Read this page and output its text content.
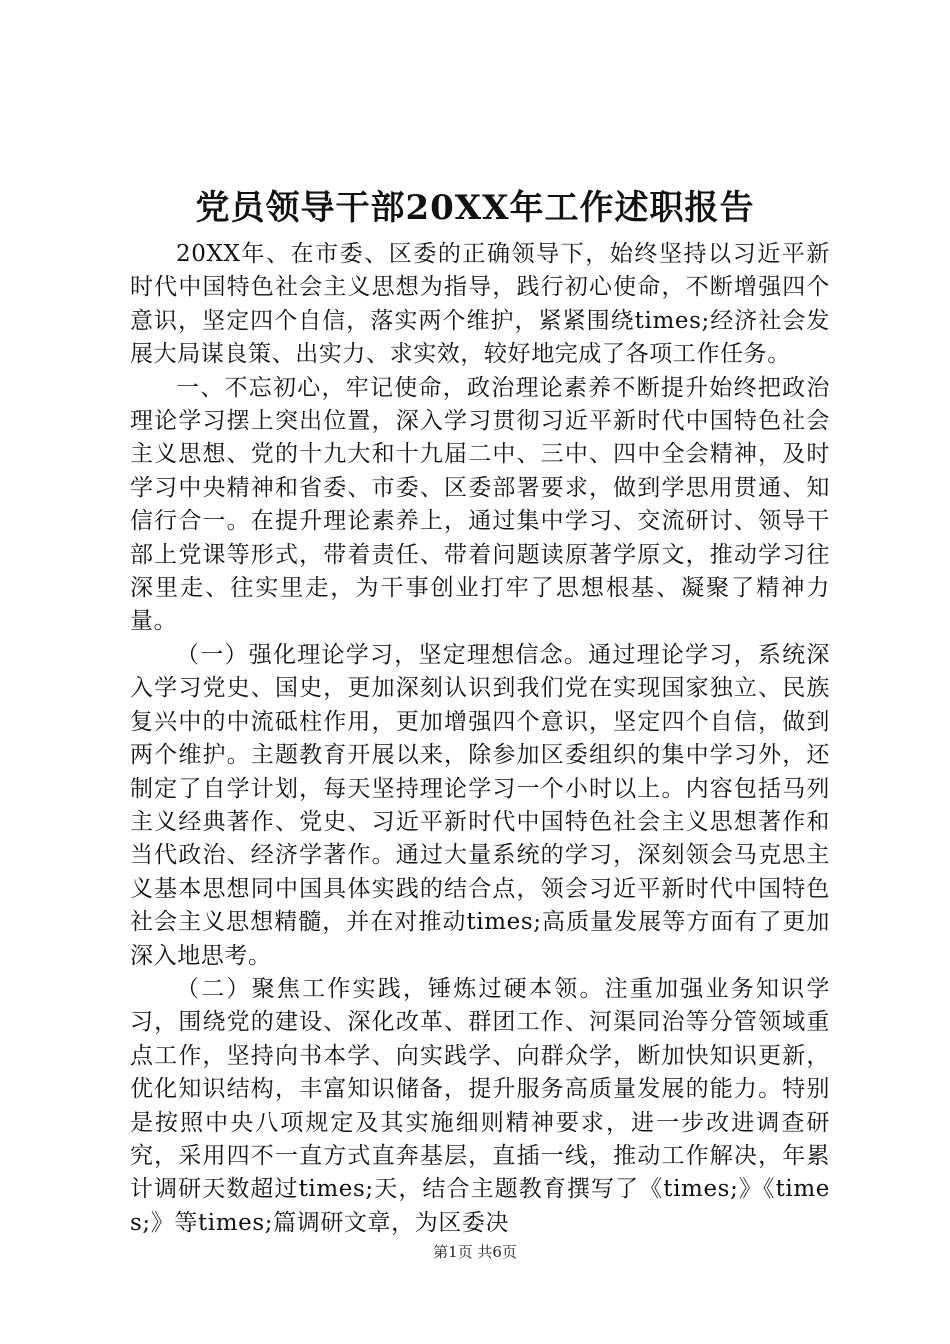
党员领导干部20XX年工作述职报告

20XX年、在市委、区委的正确领导下，始终坚持以习近平新时代中国特色社会主义思想为指导，践行初心使命，不断增强四个意识，坚定四个自信，落实两个维护，紧紧围绕times;经济社会发展大局谋良策、出实力、求实效，较好地完成了各项工作任务。

一、不忘初心，牢记使命，政治理论素养不断提升始终把政治理论学习摆上突出位置，深入学习贯彻习近平新时代中国特色社会主义思想、党的十九大和十九届二中、三中、四中全会精神，及时学习中央精神和省委、市委、区委部署要求，做到学思用贯通、知信行合一。在提升理论素养上，通过集中学习、交流研讨、领导干部上党课等形式，带着责任、带着问题读原著学原文，推动学习往深里走、往实里走，为干事创业打牢了思想根基、凝聚了精神力量。

（一）强化理论学习，坚定理想信念。通过理论学习，系统深入学习党史、国史，更加深刻认识到我们党在实现国家独立、民族复兴中的中流砥柱作用，更加增强四个意识，坚定四个自信，做到两个维护。主题教育开展以来，除参加区委组织的集中学习外，还制定了自学计划，每天坚持理论学习一个小时以上。内容包括马列主义经典著作、党史、习近平新时代中国特色社会主义思想著作和当代政治、经济学著作。通过大量系统的学习，深刻领会马克思主义基本思想同中国具体实践的结合点，领会习近平新时代中国特色社会主义思想精髓，并在对推动times;高质量发展等方面有了更加深入地思考。

（二）聚焦工作实践，锤炼过硬本领。注重加强业务知识学习，围绕党的建设、深化改革、群团工作、河渠同治等分管领域重点工作，坚持向书本学、向实践学、向群众学，断加快知识更新，优化知识结构，丰富知识储备，提升服务高质量发展的能力。特别是按照中央八项规定及其实施细则精神要求，进一步改进调查研究，采用四不一直方式直奔基层，直插一线，推动工作解决，年累计调研天数超过times;天，结合主题教育撰写了《times;》《times;》等times;篇调研文章，为区委决

第1页 共6页
